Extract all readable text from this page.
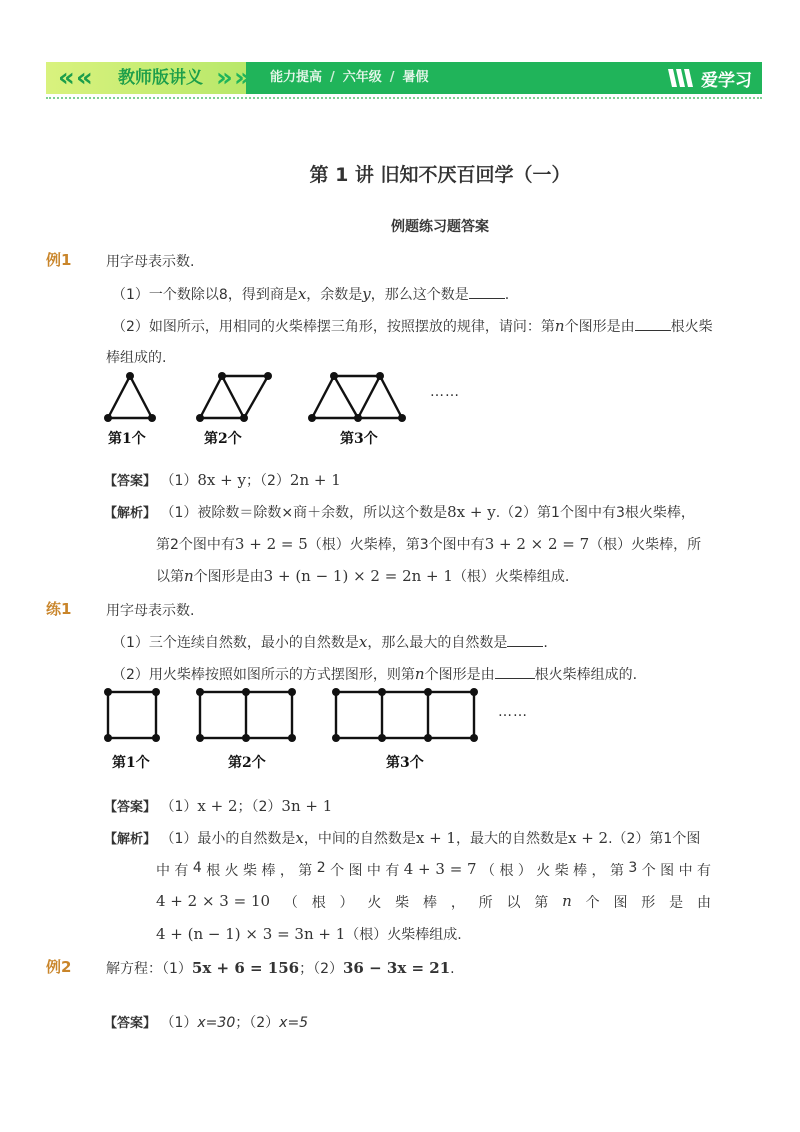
« « 教师版讲义 » » 能力提高 / 六年级 / 暑假	爱学习
第 1 讲 旧知不厌百回学（一）
例题练习题答案
例1 用字母表示数.
（1）一个数除以8，得到商是x，余数是y，那么这个数是	.
（2）如图所示，用相同的火柴棒摆三角形，按照摆放的规律，请问：第n个图形是由	根火柴
棒组成的.
……
第1个	第2个	第3个
【答案】 （1）8x + y；（2）2n + 1
【解析】 （1）被除数＝除数×商＋余数，所以这个数是8x + y.（2）第1个图中有3根火柴棒，
第2个图中有3 + 2 = 5（根）火柴棒，第3个图中有3 + 2 × 2 = 7（根）火柴棒，所
以第n个图形是由3 + (n − 1) × 2 = 2n + 1（根）火柴棒组成.
练1 用字母表示数.
（1）三个连续自然数，最小的自然数是x，那么最大的自然数是	.
（2）用火柴棒按照如图所示的方式摆图形，则第n个图形是由	根火柴棒组成的.
……
第1个	第2个	第3个
【答案】 （1）x + 2；（2）3n + 1
【解析】 （1）最小的自然数是x，中间的自然数是x + 1，最大的自然数是x + 2.（2）第1个图
中 有 4 根 火 柴 棒 ， 第 2 个 图 中 有 4 + 3 = 7 （ 根 ） 火 柴 棒 ， 第 3 个 图 中 有
4 + 2 × 3 = 10 （ 根 ） 火 柴 棒 ， 所 以 第 n 个 图 形 是 由
4 + (n − 1) × 3 = 3n + 1（根）火柴棒组成.
例2 解方程：（1）5x + 6 = 156；（2）36 − 3x = 21.
【答案】 （1）x=30；（2）x=5
